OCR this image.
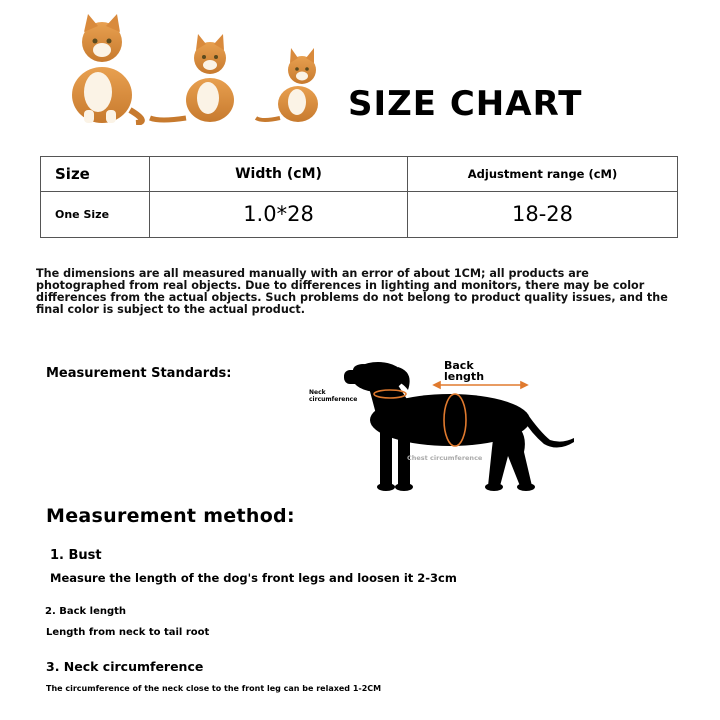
SIZE CHART
Size	Width (cM)	Adjustment range (cM)
One Size	1.0*28	18-28
The dimensions are all measured manually with an error of about 1CM; all products are photographed from real objects. Due to differences in lighting and monitors, there may be color differences from the actual objects. Such problems do not belong to product quality issues, and the final color is subject to the actual product.
Measurement Standards:
Back
length
Neck
circumference
Chest circumference
Measurement method:
1. Bust
Measure the length of the dog's front legs and loosen it 2-3cm
2. Back length
Length from neck to tail root
3. Neck circumference
The circumference of the neck close to the front leg can be relaxed 1-2CM
